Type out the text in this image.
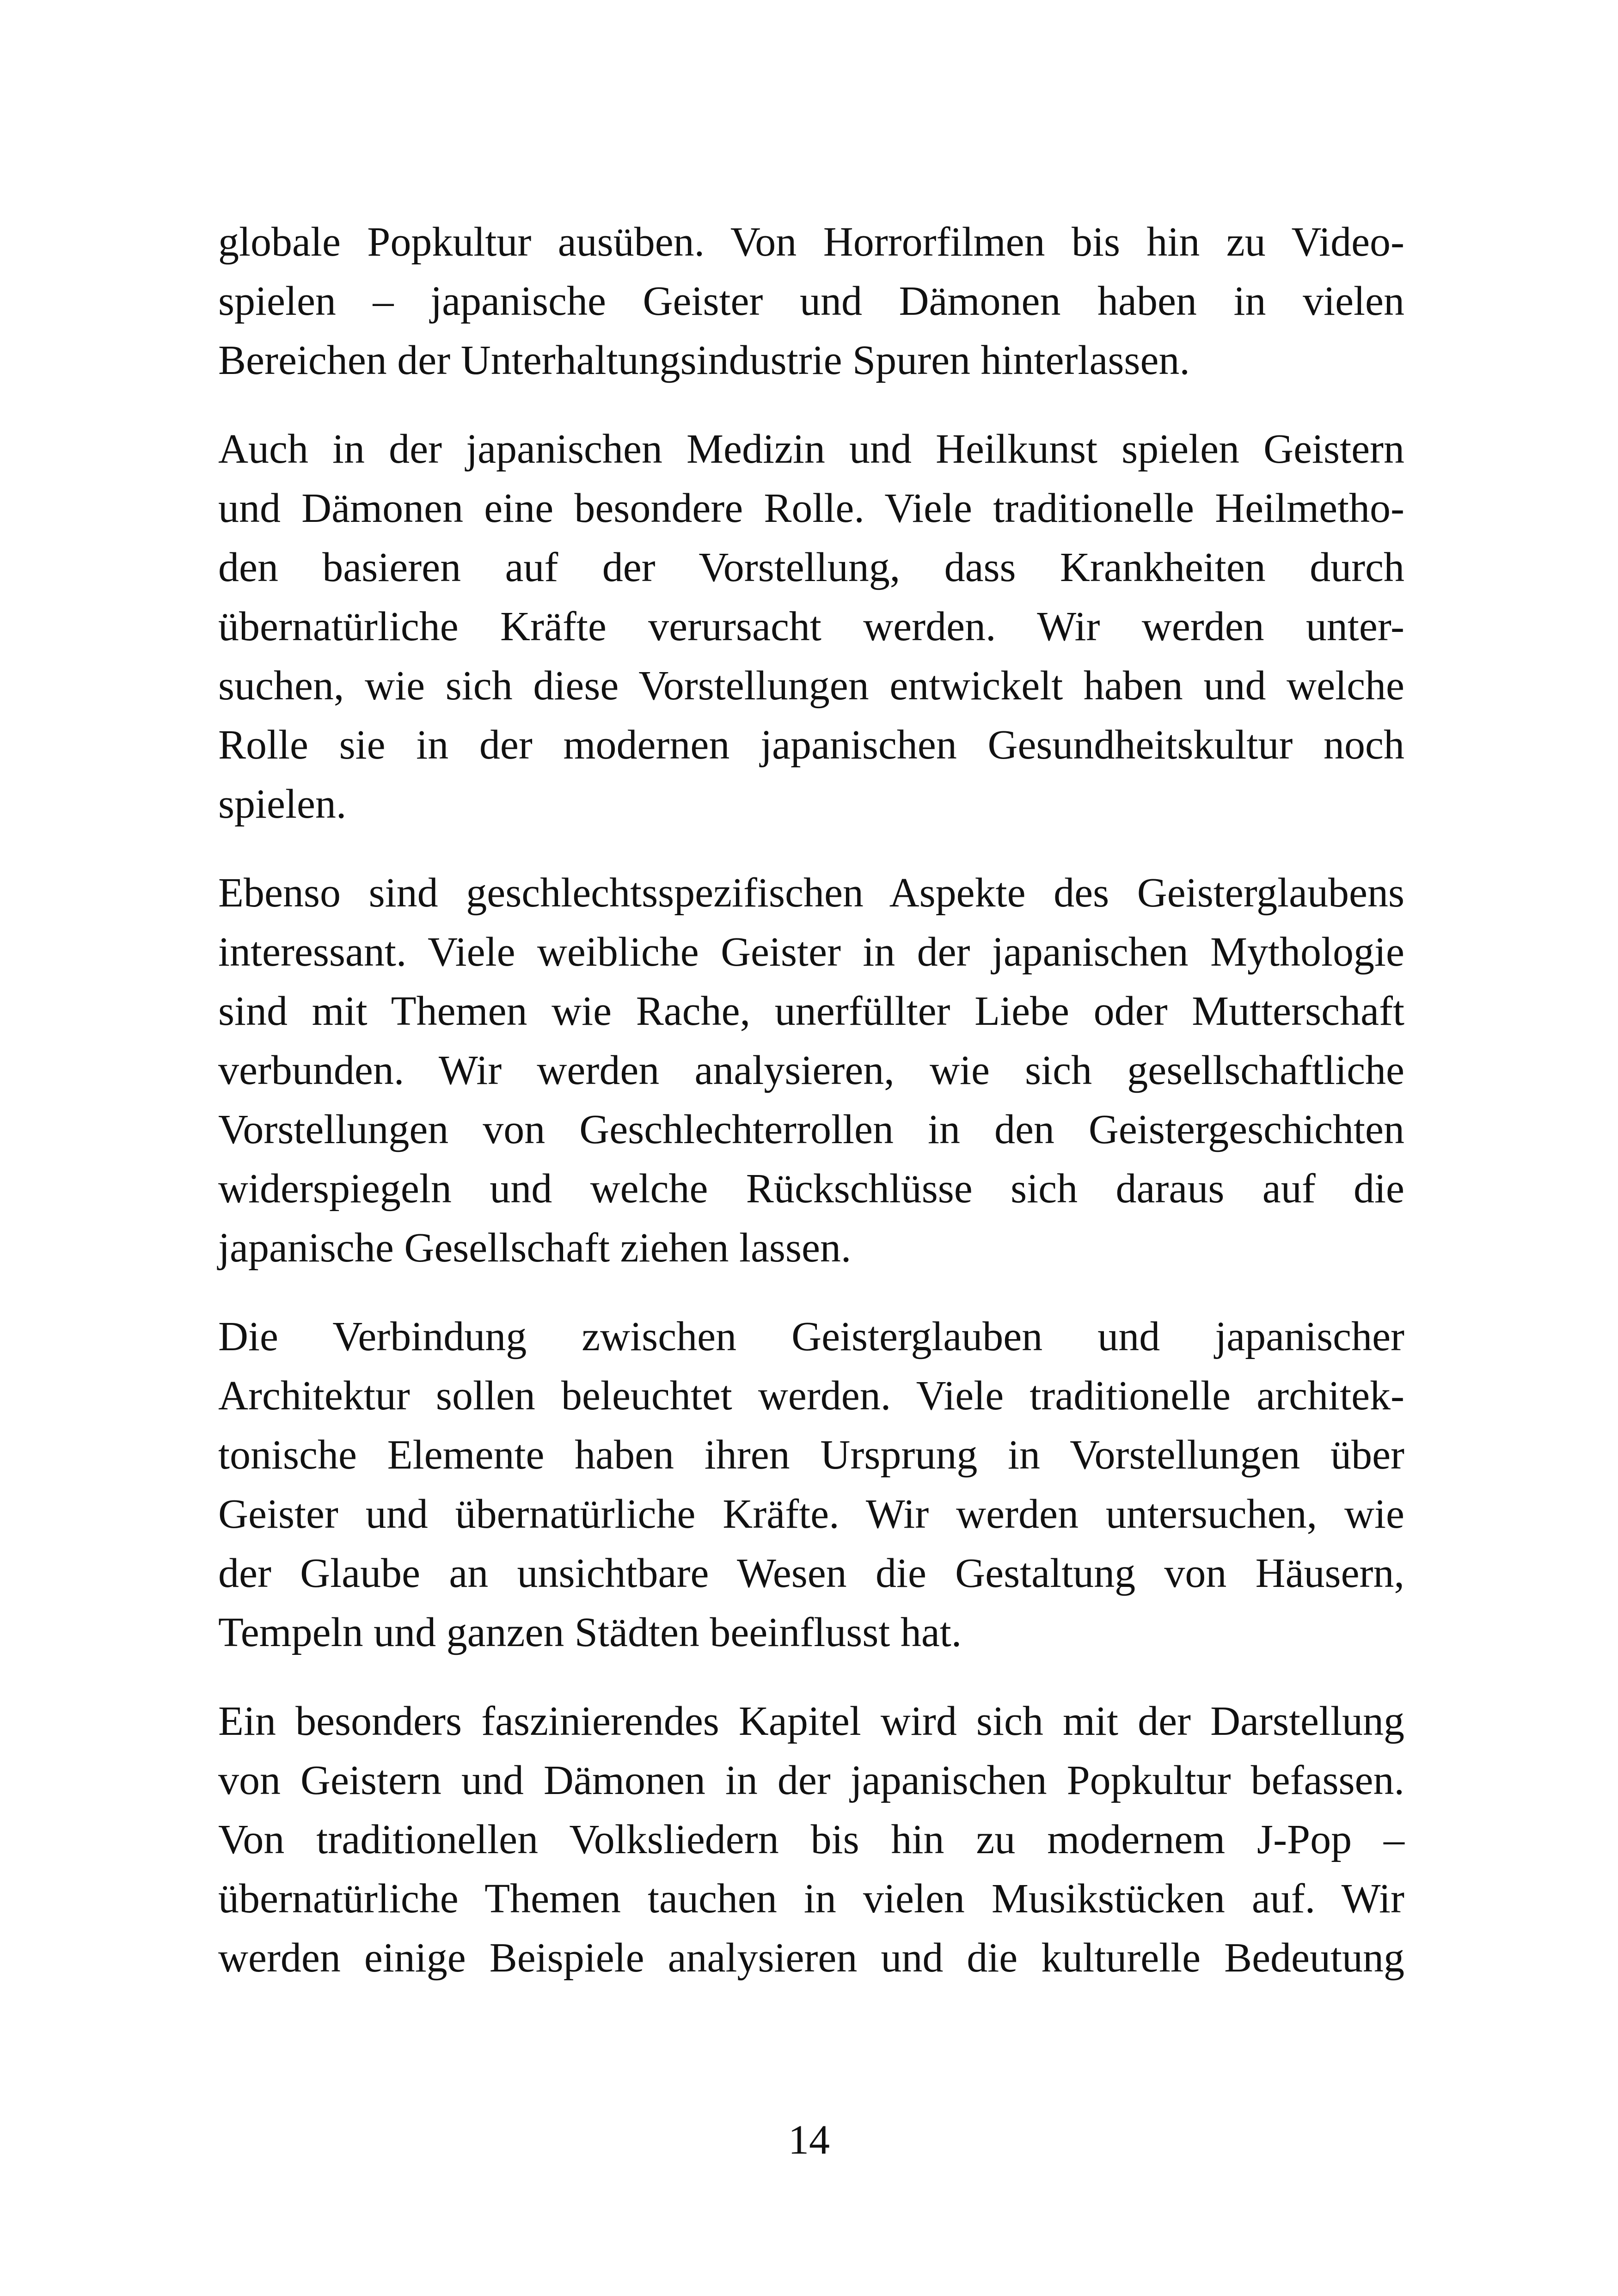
globale Popkultur ausüben. Von Horrorfilmen bis hin zu Video-
spielen – japanische Geister und Dämonen haben in vielen
Bereichen der Unterhaltungsindustrie Spuren hinterlassen.

Auch in der japanischen Medizin und Heilkunst spielen Geistern
und Dämonen eine besondere Rolle. Viele traditionelle Heilmetho-
den basieren auf der Vorstellung, dass Krankheiten durch
übernatürliche Kräfte verursacht werden. Wir werden unter-
suchen, wie sich diese Vorstellungen entwickelt haben und welche
Rolle sie in der modernen japanischen Gesundheitskultur noch
spielen.

Ebenso sind geschlechtsspezifischen Aspekte des Geisterglaubens
interessant. Viele weibliche Geister in der japanischen Mythologie
sind mit Themen wie Rache, unerfüllter Liebe oder Mutterschaft
verbunden. Wir werden analysieren, wie sich gesellschaftliche
Vorstellungen von Geschlechterrollen in den Geistergeschichten
widerspiegeln und welche Rückschlüsse sich daraus auf die
japanische Gesellschaft ziehen lassen.

Die Verbindung zwischen Geisterglauben und japanischer
Architektur sollen beleuchtet werden. Viele traditionelle architek-
tonische Elemente haben ihren Ursprung in Vorstellungen über
Geister und übernatürliche Kräfte. Wir werden untersuchen, wie
der Glaube an unsichtbare Wesen die Gestaltung von Häusern,
Tempeln und ganzen Städten beeinflusst hat.

Ein besonders faszinierendes Kapitel wird sich mit der Darstellung
von Geistern und Dämonen in der japanischen Popkultur befassen.
Von traditionellen Volksliedern bis hin zu modernem J-Pop –
übernatürliche Themen tauchen in vielen Musikstücken auf. Wir
werden einige Beispiele analysieren und die kulturelle Bedeutung

14
